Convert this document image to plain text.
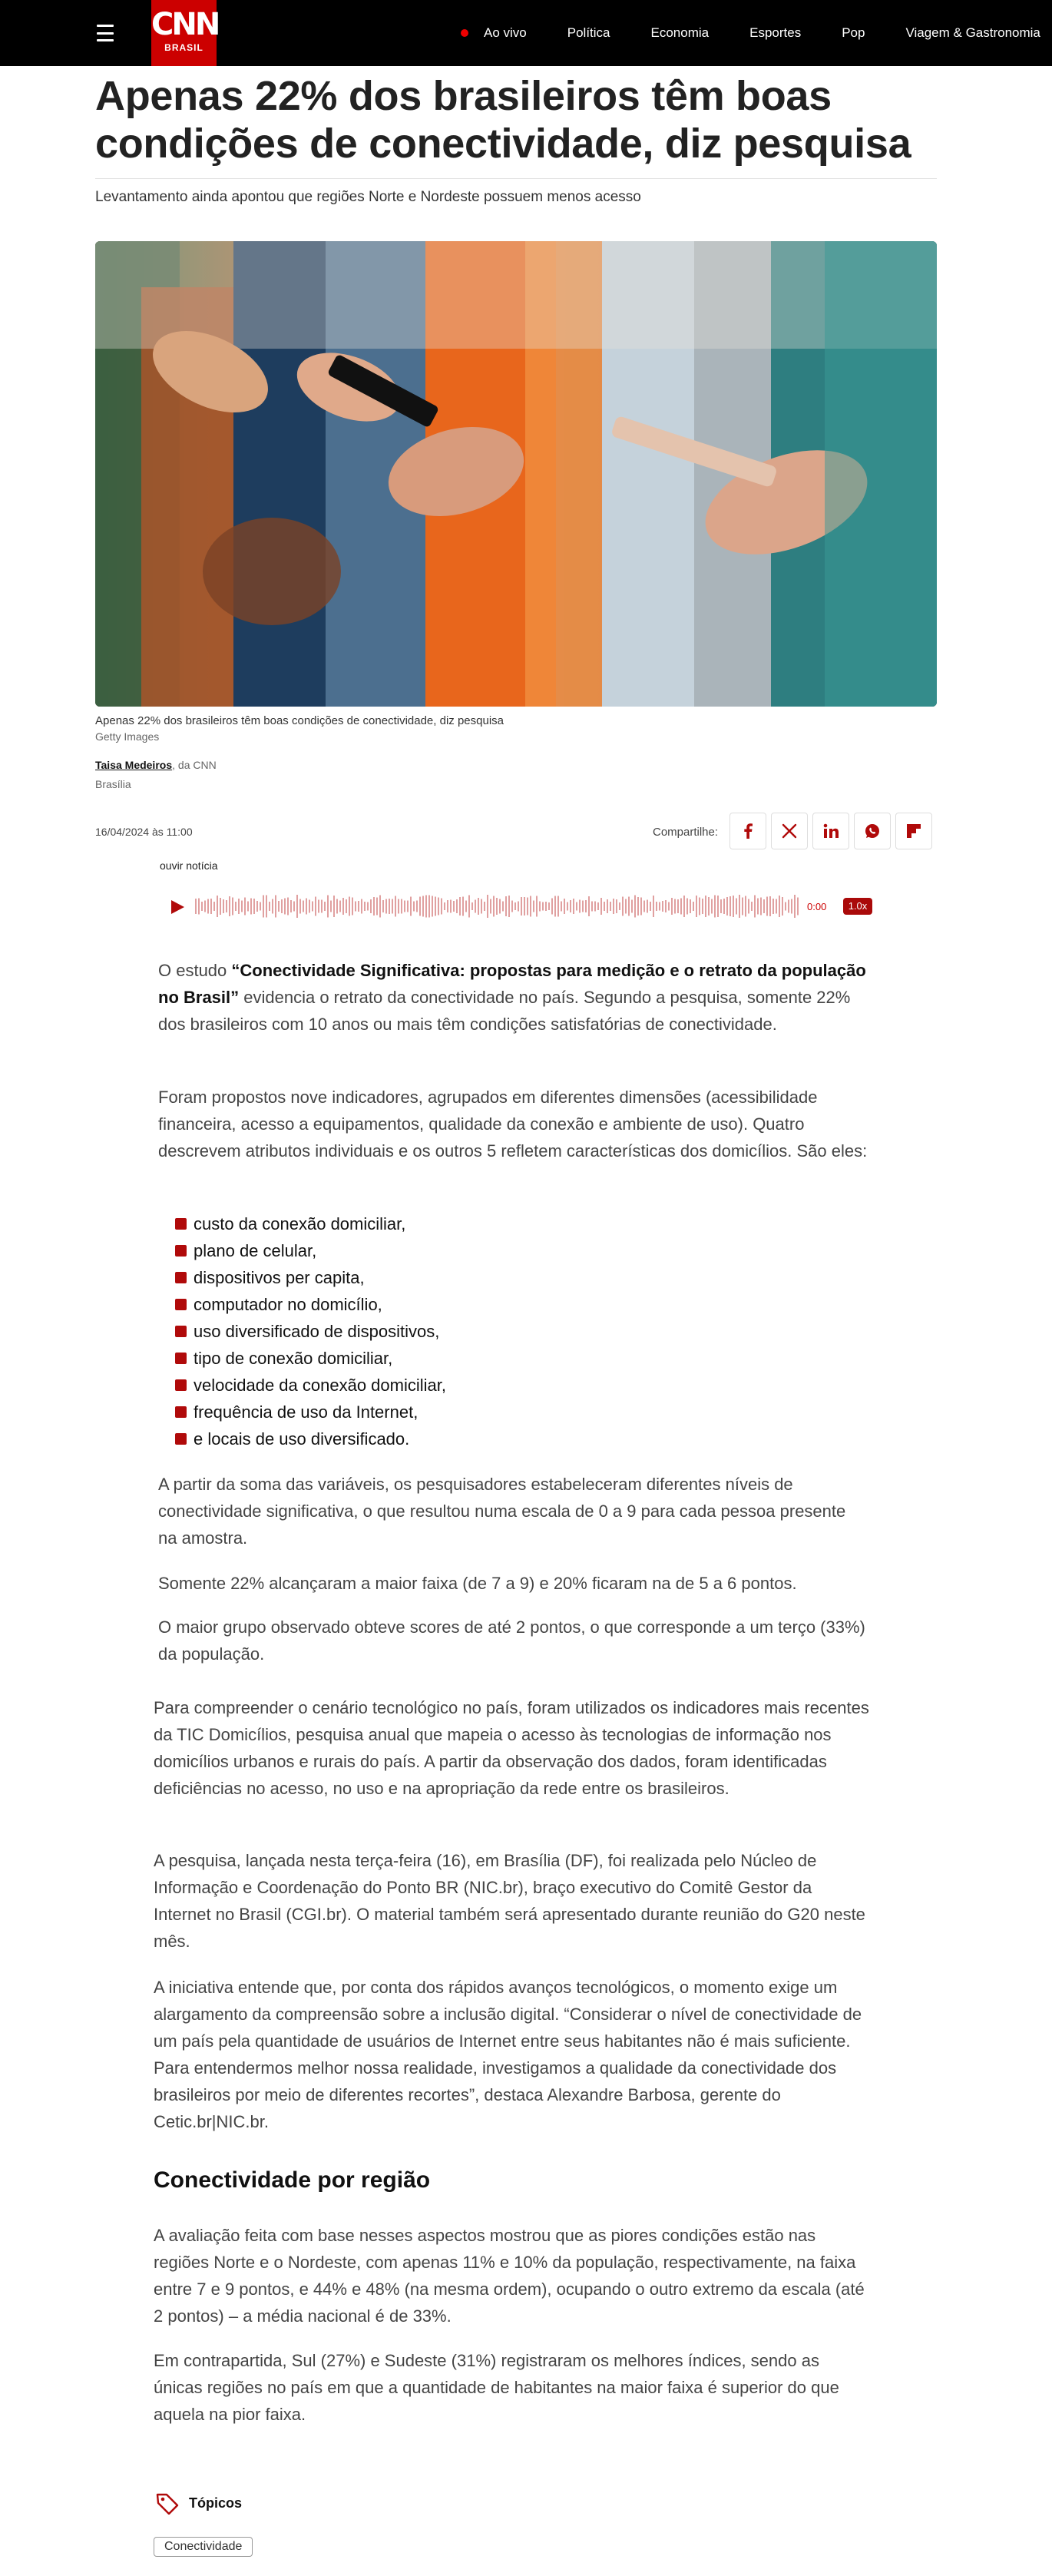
CNN
BRASIL
Ao vivo	Política	Economia	Esportes	Pop	Viagem & Gastronomia
Apenas 22% dos brasileiros têm boas condições de conectividade, diz pesquisa

Levantamento ainda apontou que regiões Norte e Nordeste possuem menos acesso

Apenas 22% dos brasileiros têm boas condições de conectividade, diz pesquisa

Getty Images

Taisa Medeiros, da CNN

Brasília

16/04/2024 às 11:00	Compartilhe:
ouvir notícia
0:00	1.0x

O estudo “Conectividade Significativa: propostas para medição e o retrato da população no Brasil” evidencia o retrato da conectividade no país. Segundo a pesquisa, somente 22% dos brasileiros com 10 anos ou mais têm condições satisfatórias de conectividade.

Foram propostos nove indicadores, agrupados em diferentes dimensões (acessibilidade financeira, acesso a equipamentos, qualidade da conexão e ambiente de uso). Quatro descrevem atributos individuais e os outros 5 refletem características dos domicílios. São eles:

custo da conexão domiciliar,
plano de celular,
dispositivos per capita,
computador no domicílio,
uso diversificado de dispositivos,
tipo de conexão domiciliar,
velocidade da conexão domiciliar,
frequência de uso da Internet,
e locais de uso diversificado.

A partir da soma das variáveis, os pesquisadores estabeleceram diferentes níveis de conectividade significativa, o que resultou numa escala de 0 a 9 para cada pessoa presente na amostra.

Somente 22% alcançaram a maior faixa (de 7 a 9) e 20% ficaram na de 5 a 6 pontos.

O maior grupo observado obteve scores de até 2 pontos, o que corresponde a um terço (33%) da população.

Para compreender o cenário tecnológico no país, foram utilizados os indicadores mais recentes da TIC Domicílios, pesquisa anual que mapeia o acesso às tecnologias de informação nos domicílios urbanos e rurais do país. A partir da observação dos dados, foram identificadas deficiências no acesso, no uso e na apropriação da rede entre os brasileiros.

A pesquisa, lançada nesta terça-feira (16), em Brasília (DF), foi realizada pelo Núcleo de Informação e Coordenação do Ponto BR (NIC.br), braço executivo do Comitê Gestor da Internet no Brasil (CGI.br). O material também será apresentado durante reunião do G20 neste mês.

A iniciativa entende que, por conta dos rápidos avanços tecnológicos, o momento exige um alargamento da compreensão sobre a inclusão digital. “Considerar o nível de conectividade de um país pela quantidade de usuários de Internet entre seus habitantes não é mais suficiente. Para entendermos melhor nossa realidade, investigamos a qualidade da conectividade dos brasileiros por meio de diferentes recortes”, destaca Alexandre Barbosa, gerente do Cetic.br|NIC.br.

Conectividade por região

A avaliação feita com base nesses aspectos mostrou que as piores condições estão nas regiões Norte e o Nordeste, com apenas 11% e 10% da população, respectivamente, na faixa entre 7 e 9 pontos, e 44% e 48% (na mesma ordem), ocupando o outro extremo da escala (até 2 pontos) – a média nacional é de 33%.

Em contrapartida, Sul (27%) e Sudeste (31%) registraram os melhores índices, sendo as únicas regiões no país em que a quantidade de habitantes na maior faixa é superior do que aquela na pior faixa.

Tópicos
Conectividade
